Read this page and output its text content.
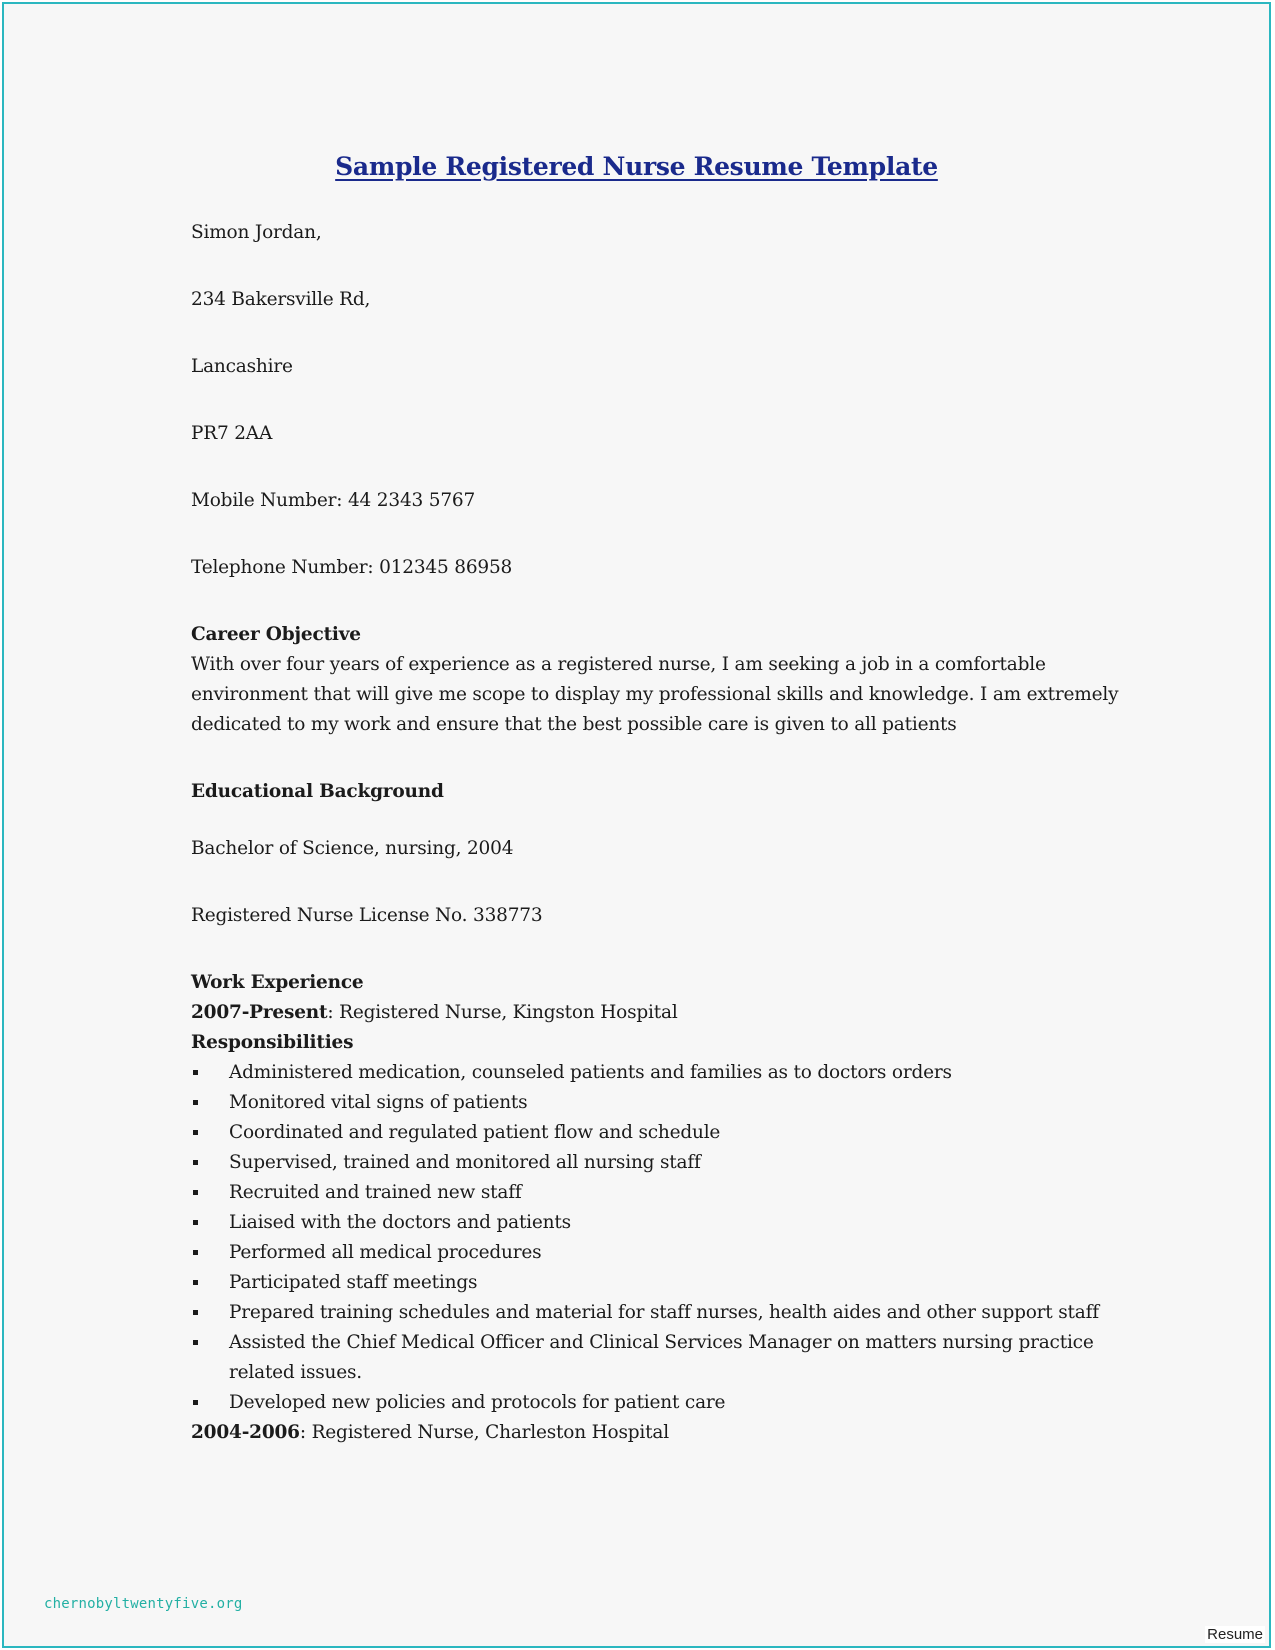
Sample Registered Nurse Resume Template
Simon Jordan,
234 Bakersville Rd,
Lancashire
PR7 2AA
Mobile Number: 44 2343 5767
Telephone Number: 012345 86958
Career Objective
With over four years of experience as a registered nurse, I am seeking a job in a comfortable
environment that will give me scope to display my professional skills and knowledge. I am extremely
dedicated to my work and ensure that the best possible care is given to all patients
Educational Background
Bachelor of Science, nursing, 2004
Registered Nurse License No. 338773
Work Experience
2007-Present: Registered Nurse, Kingston Hospital
Responsibilities
Administered medication, counseled patients and families as to doctors orders
Monitored vital signs of patients
Coordinated and regulated patient flow and schedule
Supervised, trained and monitored all nursing staff
Recruited and trained new staff
Liaised with the doctors and patients
Performed all medical procedures
Participated staff meetings
Prepared training schedules and material for staff nurses, health aides and other support staff
Assisted the Chief Medical Officer and Clinical Services Manager on matters nursing practice
related issues.
Developed new policies and protocols for patient care
2004-2006: Registered Nurse, Charleston Hospital
chernobyltwentyfive.org
Resume
